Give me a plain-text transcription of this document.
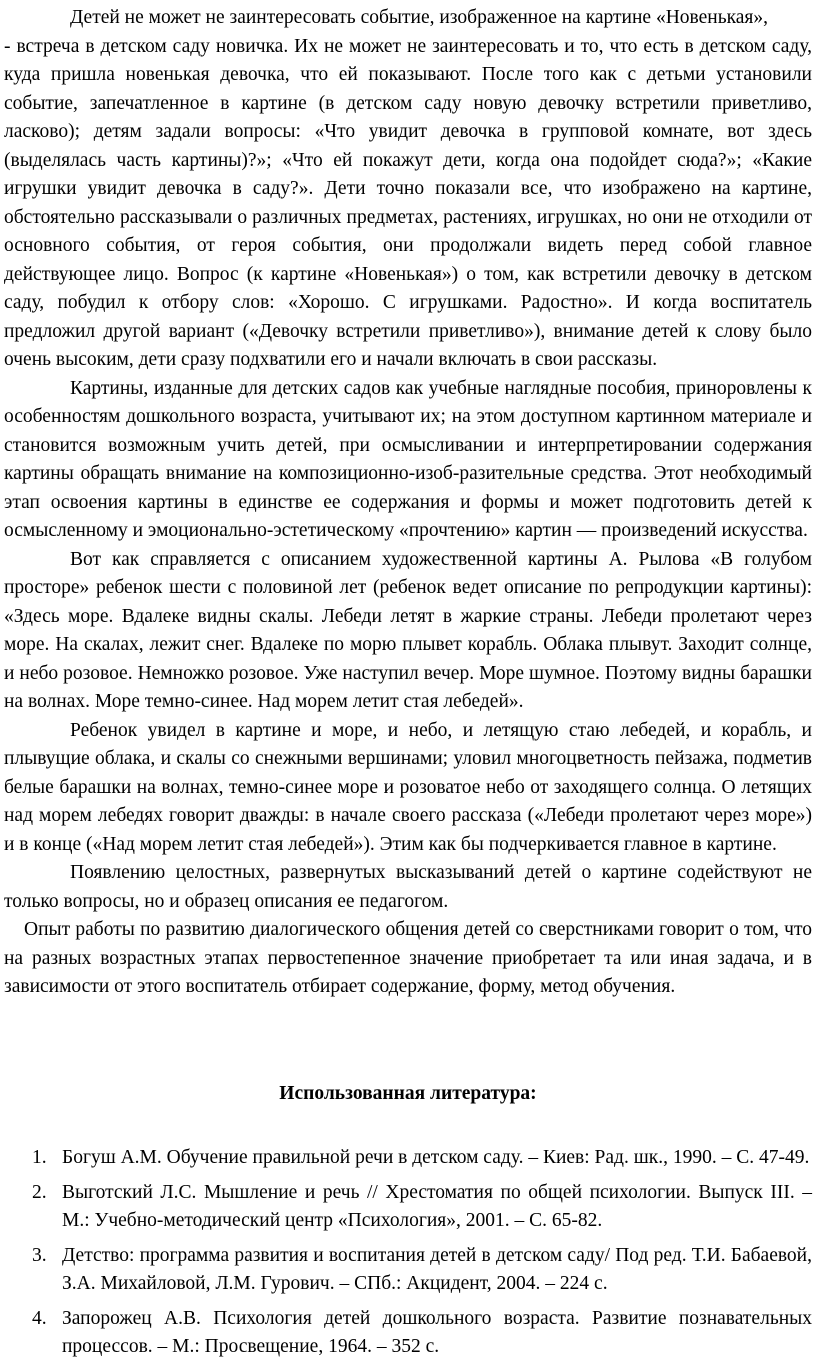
Детей не может не заинтересовать событие, изображенное на картине «Новенькая»,

- встреча в детском саду новичка. Их не может не заинтересовать и то, что есть в детском саду, куда пришла новенькая девочка, что ей показывают. После того как с детьми установили событие, запечатленное в картине (в детском саду новую девочку встретили приветливо, ласково); детям задали вопросы: «Что увидит девочка в групповой комнате, вот здесь (выделялась часть картины)?»; «Что ей покажут дети, когда она подойдет сюда?»; «Какие игрушки увидит девочка в саду?». Дети точно показали все, что изображено на картине, обстоятельно рассказывали о различных предметах, растениях, игрушках, но они не отходили от основного события, от героя события, они продолжали видеть перед собой главное действующее лицо. Вопрос (к картине «Новенькая») о том, как встретили девочку в детском саду, побудил к отбору слов: «Хорошо. С игрушками. Радостно». И когда воспитатель предложил другой вариант («Девочку встретили приветливо»), внимание детей к слову было очень высоким, дети сразу подхватили его и начали включать в свои рассказы.

Картины, изданные для детских садов как учебные наглядные пособия, приноровлены к особенностям дошкольного возраста, учитывают их; на этом доступном картинном материале и становится возможным учить детей, при осмысливании и интерпретировании содержания картины обращать внимание на композиционно-изоб-разительные средства. Этот необходимый этап освоения картины в единстве ее содержания и формы и может подготовить детей к осмысленному и эмоционально-эстетическому «прочтению» картин — произведений искусства.

Вот как справляется с описанием художественной картины А. Рылова «В голубом просторе» ребенок шести с половиной лет (ребенок ведет описание по репродукции картины): «Здесь море. Вдалеке видны скалы. Лебеди летят в жаркие страны. Лебеди пролетают через море. На скалах, лежит снег. Вдалеке по морю плывет корабль. Облака плывут. Заходит солнце, и небо розовое. Немножко розовое. Уже наступил вечер. Море шумное. Поэтому видны барашки на волнах. Море темно-синее. Над морем летит стая лебедей».

Ребенок увидел в картине и море, и небо, и летящую стаю лебедей, и корабль, и плывущие облака, и скалы со снежными вершинами; уловил многоцветность пейзажа, подметив белые барашки на волнах, темно-синее море и розоватое небо от заходящего солнца. О летящих над морем лебедях говорит дважды: в начале своего рассказа («Лебеди пролетают через море») и в конце («Над морем летит стая лебедей»). Этим как бы подчеркивается главное в картине.

Появлению целостных, развернутых высказываний детей о картине содействуют не только вопросы, но и образец описания ее педагогом.

Опыт работы по развитию диалогического общения детей со сверстниками говорит о том, что на разных возрастных этапах первостепенное значение приобретает та или иная задача, и в зависимости от этого воспитатель отбирает содержание, форму, метод обучения.

Использованная литература:
1. Богуш А.М. Обучение правильной речи в детском саду. – Киев: Рад. шк., 1990. – С. 47-49.
2. Выготский Л.С. Мышление и речь // Хрестоматия по общей психологии. Выпуск III. – М.: Учебно-методический центр «Психология», 2001. – С. 65-82.
3. Детство: программа развития и воспитания детей в детском саду/ Под ред. Т.И. Бабаевой, З.А. Михайловой, Л.М. Гурович. – СПб.: Акцидент, 2004. – 224 с.
4. Запорожец А.В. Психология детей дошкольного возраста. Развитие познавательных процессов. – М.: Просвещение, 1964. – 352 с.
